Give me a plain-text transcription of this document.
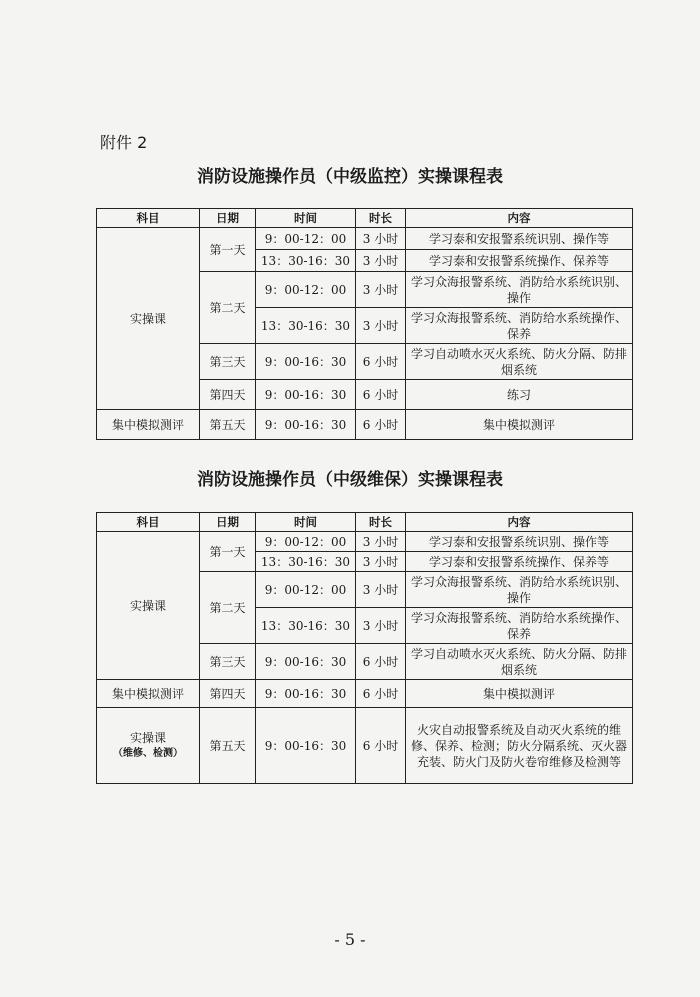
附件 2
消防设施操作员（中级监控）实操课程表
科目	日期	时间	时长	内容
实操课	第一天	9：00-12：00	3 小时	学习泰和安报警系统识别、操作等
		13：30-16：30	3 小时	学习泰和安报警系统操作、保养等
	第二天	9：00-12：00	3 小时	学习众海报警系统、消防给水系统识别、操作
		13：30-16：30	3 小时	学习众海报警系统、消防给水系统操作、保养
	第三天	9：00-16：30	6 小时	学习自动喷水灭火系统、防火分隔、防排烟系统
	第四天	9：00-16：30	6 小时	练习
集中模拟测评	第五天	9：00-16：30	6 小时	集中模拟测评
消防设施操作员（中级维保）实操课程表
科目	日期	时间	时长	内容
实操课	第一天	9：00-12：00	3 小时	学习泰和安报警系统识别、操作等
		13：30-16：30	3 小时	学习泰和安报警系统操作、保养等
	第二天	9：00-12：00	3 小时	学习众海报警系统、消防给水系统识别、操作
		13：30-16：30	3 小时	学习众海报警系统、消防给水系统操作、保养
	第三天	9：00-16：30	6 小时	学习自动喷水灭火系统、防火分隔、防排烟系统
集中模拟测评	第四天	9：00-16：30	6 小时	集中模拟测评
实操课
（维修、检测）	第五天	9：00-16：30	6 小时	火灾自动报警系统及自动灭火系统的维修、保养、检测；防火分隔系统、灭火器充装、防火门及防火卷帘维修及检测等
- 5 -
